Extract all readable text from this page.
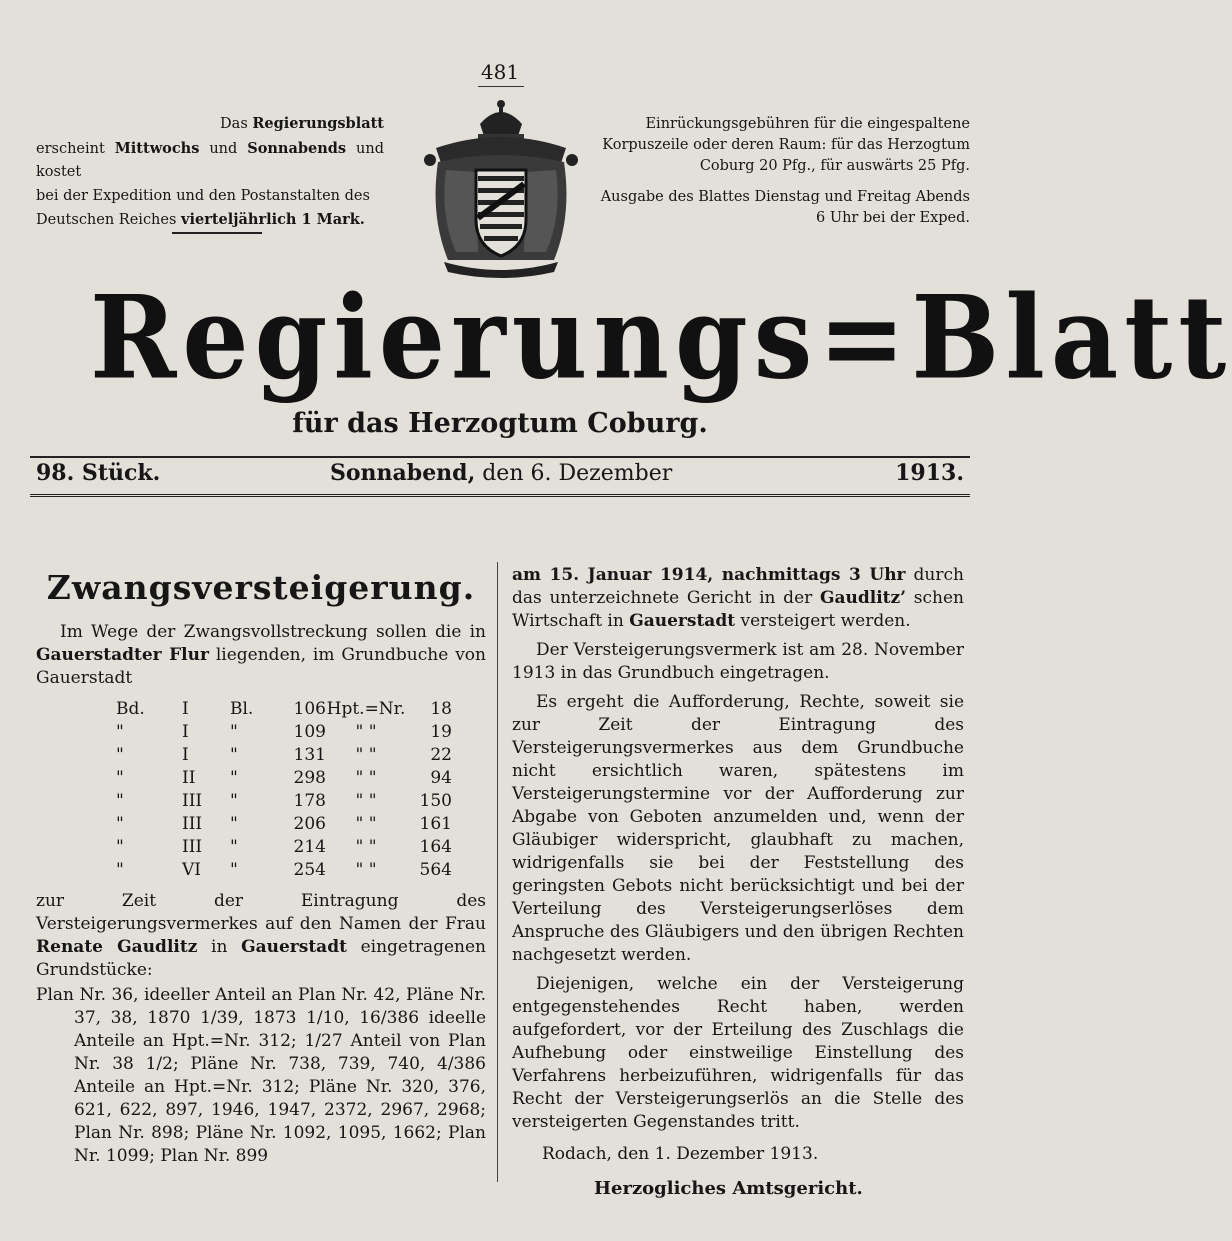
481
Das Regierungsblatt
erscheint Mittwochs und Sonnabends und kostet
bei der Expedition und den Postanstalten des
Deutschen Reiches vierteljährlich 1 Mark.
Einrückungsgebühren für die eingespaltene Korpuszeile oder deren Raum: für das Herzogtum Coburg 20 Pfg., für auswärts 25 Pfg.
Ausgabe des Blattes Dienstag und Freitag Abends 6 Uhr bei der Exped.
Regierungs=Blatt
für das Herzogtum Coburg.
98. Stück.	Sonnabend, den 6. Dezember	1913.
Zwangsversteigerung.
Im Wege der Zwangsvollstreckung sollen die in Gauerstadter Flur liegenden, im Grundbuche von Gauerstadt
Bd.	I	Bl.	106 Hpt.=Nr.	18
"	I	"	109	" "	19
"	I	"	131	" "	22
"	II	"	298	" "	94
"	III	"	178	" "	150
"	III	"	206	" "	161
"	III	"	214	" "	164
"	VI	"	254	" "	564
zur Zeit der Eintragung des Versteigerungsvermerkes auf den Namen der Frau Renate Gaudlitz in Gauerstadt eingetragenen Grundstücke:
Plan Nr. 36, ideeller Anteil an Plan Nr. 42, Pläne Nr. 37, 38, 1870 1/39, 1873 1/10, 16/386 ideelle Anteile an Hpt.=Nr. 312; 1/27 Anteil von Plan Nr. 38 1/2; Pläne Nr. 738, 739, 740, 4/386 Anteile an Hpt.=Nr. 312; Pläne Nr. 320, 376, 621, 622, 897, 1946, 1947, 2372, 2967, 2968; Plan Nr. 898; Pläne Nr. 1092, 1095, 1662; Plan Nr. 1099; Plan Nr. 899
am 15. Januar 1914, nachmittags 3 Uhr durch das unterzeichnete Gericht in der Gaudlitz’ schen Wirtschaft in Gauerstadt versteigert werden.
Der Versteigerungsvermerk ist am 28. November 1913 in das Grundbuch eingetragen.
Es ergeht die Aufforderung, Rechte, soweit sie zur Zeit der Eintragung des Versteigerungsvermerkes aus dem Grundbuche nicht ersichtlich waren, spätestens im Versteigerungstermine vor der Aufforderung zur Abgabe von Geboten anzumelden und, wenn der Gläubiger widerspricht, glaubhaft zu machen, widrigenfalls sie bei der Feststellung des geringsten Gebots nicht berücksichtigt und bei der Verteilung des Versteigerungserlöses dem Anspruche des Gläubigers und den übrigen Rechten nachgesetzt werden.
Diejenigen, welche ein der Versteigerung entgegenstehendes Recht haben, werden aufgefordert, vor der Erteilung des Zuschlags die Aufhebung oder einstweilige Einstellung des Verfahrens herbeizuführen, widrigenfalls für das Recht der Versteigerungserlös an die Stelle des versteigerten Gegenstandes tritt.
Rodach, den 1. Dezember 1913.
Herzogliches Amtsgericht.
